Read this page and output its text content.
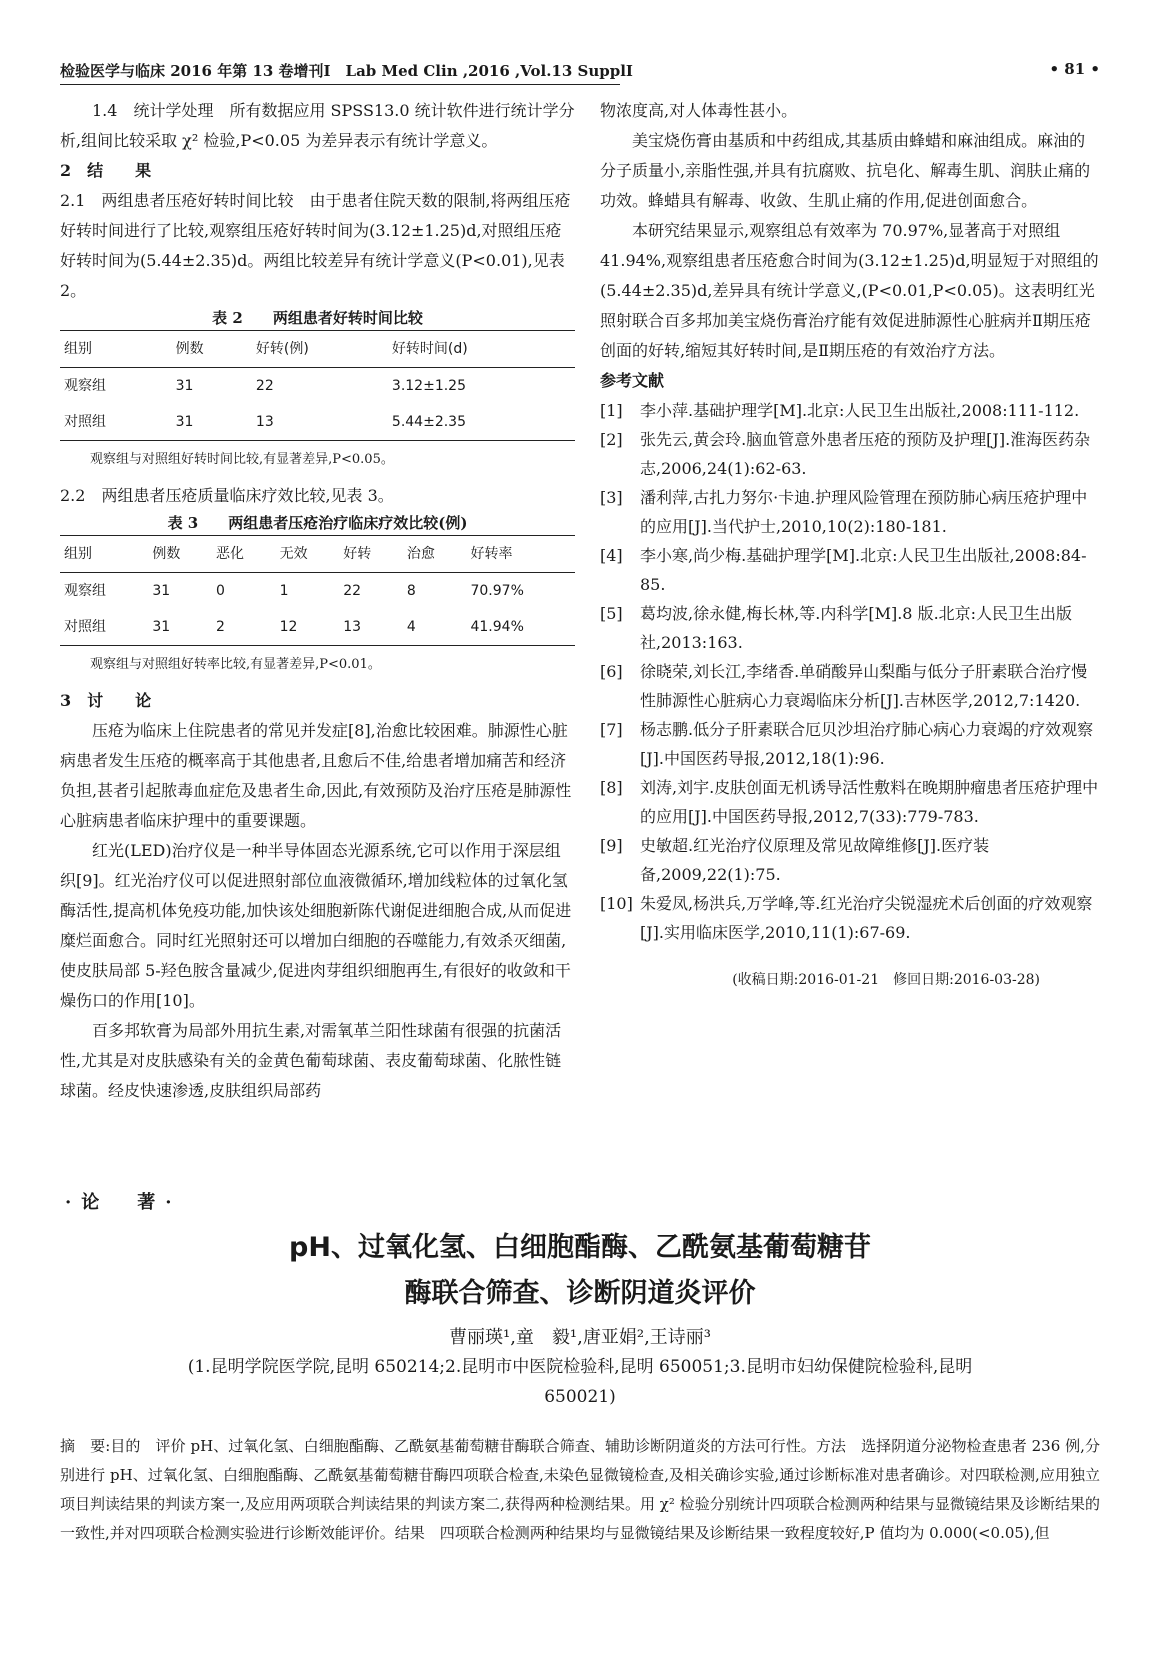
检验医学与临床 2016 年第 13 卷增刊Ⅰ　Lab Med Clin ,2016 ,Vol.13 SupplⅠ	• 81 •

1.4　统计学处理　所有数据应用 SPSS13.0 统计软件进行统计学分析,组间比较采取 χ² 检验,P<0.05 为差异表示有统计学意义。

2　结　　果

2.1　两组患者压疮好转时间比较　由于患者住院天数的限制,将两组压疮好转时间进行了比较,观察组压疮好转时间为(3.12±1.25)d,对照组压疮好转时间为(5.44±2.35)d。两组比较差异有统计学意义(P<0.01),见表 2。

表 2　　两组患者好转时间比较
组别	例数	好转(例)	好转时间(d)
观察组	31	22	3.12±1.25
对照组	31	13	5.44±2.35
观察组与对照组好转时间比较,有显著差异,P<0.05。

2.2　两组患者压疮质量临床疗效比较,见表 3。

表 3　　两组患者压疮治疗临床疗效比较(例)
组别	例数	恶化	无效	好转	治愈	好转率
观察组	31	0	1	22	8	70.97%
对照组	31	2	12	13	4	41.94%
观察组与对照组好转率比较,有显著差异,P<0.01。

3　讨　　论

压疮为临床上住院患者的常见并发症[8],治愈比较困难。肺源性心脏病患者发生压疮的概率高于其他患者,且愈后不佳,给患者增加痛苦和经济负担,甚者引起脓毒血症危及患者生命,因此,有效预防及治疗压疮是肺源性心脏病患者临床护理中的重要课题。

红光(LED)治疗仪是一种半导体固态光源系统,它可以作用于深层组织[9]。红光治疗仪可以促进照射部位血液微循环,增加线粒体的过氧化氢酶活性,提高机体免疫功能,加快该处细胞新陈代谢促进细胞合成,从而促进糜烂面愈合。同时红光照射还可以增加白细胞的吞噬能力,有效杀灭细菌,使皮肤局部 5-羟色胺含量减少,促进肉芽组织细胞再生,有很好的收敛和干燥伤口的作用[10]。

百多邦软膏为局部外用抗生素,对需氧革兰阳性球菌有很强的抗菌活性,尤其是对皮肤感染有关的金黄色葡萄球菌、表皮葡萄球菌、化脓性链球菌。经皮快速渗透,皮肤组织局部药

物浓度高,对人体毒性甚小。

美宝烧伤膏由基质和中药组成,其基质由蜂蜡和麻油组成。麻油的分子质量小,亲脂性强,并具有抗腐败、抗皂化、解毒生肌、润肤止痛的功效。蜂蜡具有解毒、收敛、生肌止痛的作用,促进创面愈合。

本研究结果显示,观察组总有效率为 70.97%,显著高于对照组 41.94%,观察组患者压疮愈合时间为(3.12±1.25)d,明显短于对照组的(5.44±2.35)d,差异具有统计学意义,(P<0.01,P<0.05)。这表明红光照射联合百多邦加美宝烧伤膏治疗能有效促进肺源性心脏病并Ⅱ期压疮创面的好转,缩短其好转时间,是Ⅱ期压疮的有效治疗方法。

参考文献

[1]	李小萍.基础护理学[M].北京:人民卫生出版社,2008:111-112.
[2]	张先云,黄会玲.脑血管意外患者压疮的预防及护理[J].淮海医药杂志,2006,24(1):62-63.
[3]	潘利萍,古扎力努尔·卡迪.护理风险管理在预防肺心病压疮护理中的应用[J].当代护士,2010,10(2):180-181.
[4]	李小寒,尚少梅.基础护理学[M].北京:人民卫生出版社,2008:84-85.
[5]	葛均波,徐永健,梅长林,等.内科学[M].8 版.北京:人民卫生出版社,2013:163.
[6]	徐晓荣,刘长江,李绪香.单硝酸异山梨酯与低分子肝素联合治疗慢性肺源性心脏病心力衰竭临床分析[J].吉林医学,2012,7:1420.
[7]	杨志鹏.低分子肝素联合厄贝沙坦治疗肺心病心力衰竭的疗效观察[J].中国医药导报,2012,18(1):96.
[8]	刘涛,刘宇.皮肤创面无机诱导活性敷料在晚期肿瘤患者压疮护理中的应用[J].中国医药导报,2012,7(33):779-783.
[9]	史敏超.红光治疗仪原理及常见故障维修[J].医疗装备,2009,22(1):75.
[10] 朱爱凤,杨洪兵,万学峰,等.红光治疗尖锐湿疣术后创面的疗效观察[J].实用临床医学,2010,11(1):67-69.
(收稿日期:2016-01-21　修回日期:2016-03-28)
·论　著·
pH、过氧化氢、白细胞酯酶、乙酰氨基葡萄糖苷
酶联合筛查、诊断阴道炎评价
曹丽瑛¹,童　毅¹,唐亚娟²,王诗丽³
(1.昆明学院医学院,昆明 650214;2.昆明市中医院检验科,昆明 650051;3.昆明市妇幼保健院检验科,昆明 650021)
摘　要:目的　评价 pH、过氧化氢、白细胞酯酶、乙酰氨基葡萄糖苷酶联合筛查、辅助诊断阴道炎的方法可行性。方法　选择阴道分泌物检查患者 236 例,分别进行 pH、过氧化氢、白细胞酯酶、乙酰氨基葡萄糖苷酶四项联合检查,未染色显微镜检查,及相关确诊实验,通过诊断标准对患者确诊。对四联检测,应用独立项目判读结果的判读方案一,及应用两项联合判读结果的判读方案二,获得两种检测结果。用 χ² 检验分别统计四项联合检测两种结果与显微镜结果及诊断结果的一致性,并对四项联合检测实验进行诊断效能评价。结果　四项联合检测两种结果均与显微镜结果及诊断结果一致程度较好,P 值均为 0.000(<0.05),但
